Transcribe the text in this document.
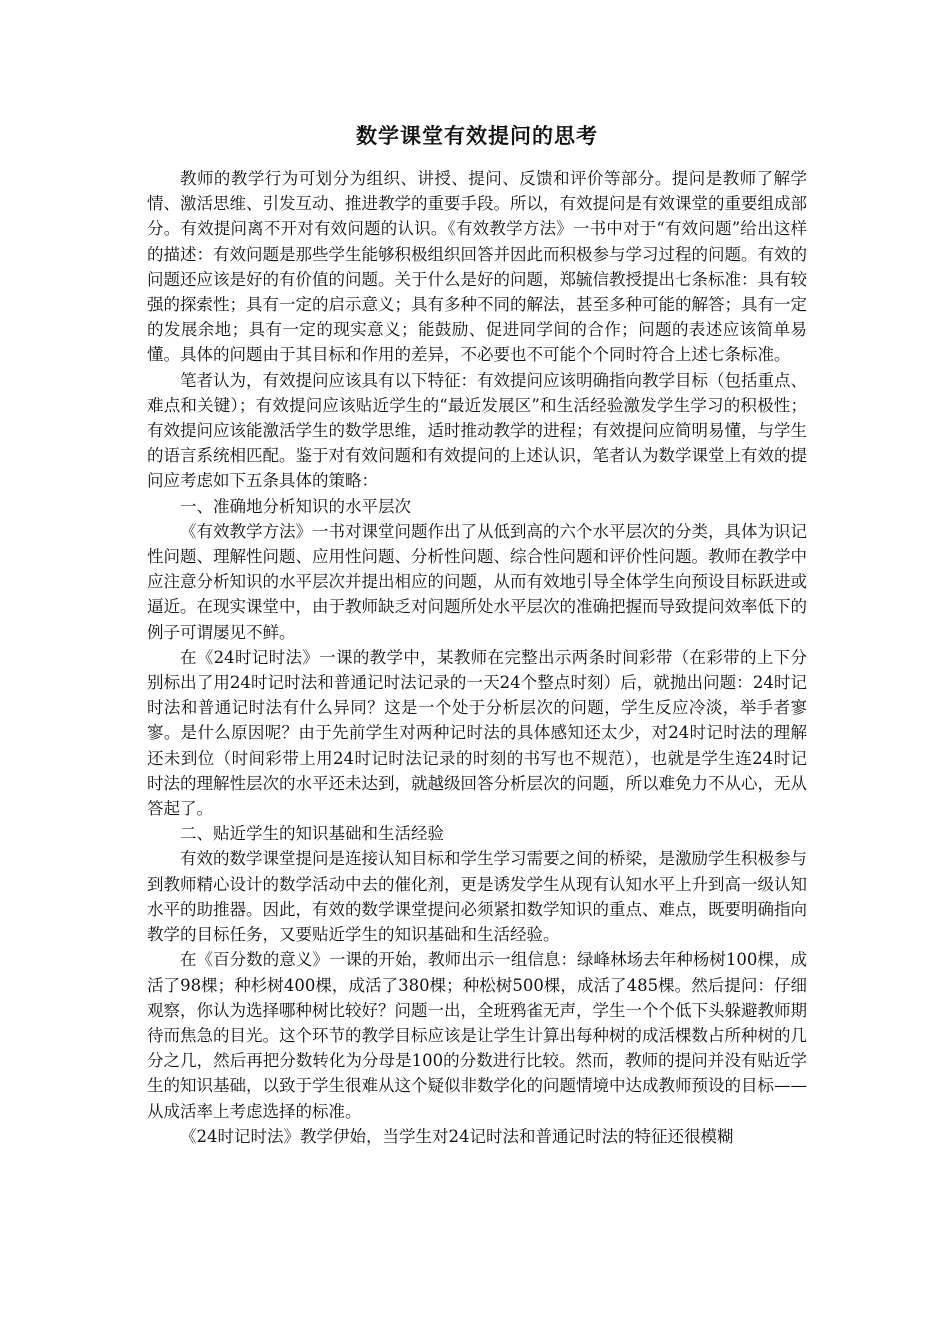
数学课堂有效提问的思考

教师的教学行为可划分为组织、讲授、提问、反馈和评价等部分。提问是教师了解学情、激活思维、引发互动、推进教学的重要手段。所以，有效提问是有效课堂的重要组成部分。有效提问离不开对有效问题的认识。《有效教学方法》一书中对于“有效问题”给出这样的描述：有效问题是那些学生能够积极组织回答并因此而积极参与学习过程的问题。有效的问题还应该是好的有价值的问题。关于什么是好的问题，郑毓信教授提出七条标准：具有较强的探索性；具有一定的启示意义；具有多种不同的解法，甚至多种可能的解答；具有一定的发展余地；具有一定的现实意义；能鼓励、促进同学间的合作；问题的表述应该简单易懂。具体的问题由于其目标和作用的差异，不必要也不可能个个同时符合上述七条标准。

笔者认为，有效提问应该具有以下特征：有效提问应该明确指向教学目标（包括重点、难点和关键）；有效提问应该贴近学生的“最近发展区”和生活经验激发学生学习的积极性；有效提问应该能激活学生的数学思维，适时推动教学的进程；有效提问应简明易懂，与学生的语言系统相匹配。鉴于对有效问题和有效提问的上述认识，笔者认为数学课堂上有效的提问应考虑如下五条具体的策略：

一、准确地分析知识的水平层次

《有效教学方法》一书对课堂问题作出了从低到高的六个水平层次的分类，具体为识记性问题、理解性问题、应用性问题、分析性问题、综合性问题和评价性问题。教师在教学中应注意分析知识的水平层次并提出相应的问题，从而有效地引导全体学生向预设目标跃进或逼近。在现实课堂中，由于教师缺乏对问题所处水平层次的准确把握而导致提问效率低下的例子可谓屡见不鲜。

在《24时记时法》一课的教学中，某教师在完整出示两条时间彩带（在彩带的上下分别标出了用24时记时法和普通记时法记录的一天24个整点时刻）后，就抛出问题：24时记时法和普通记时法有什么异同？这是一个处于分析层次的问题，学生反应冷淡，举手者寥寥。是什么原因呢？由于先前学生对两种记时法的具体感知还太少，对24时记时法的理解还未到位（时间彩带上用24时记时法记录的时刻的书写也不规范），也就是学生连24时记时法的理解性层次的水平还未达到，就越级回答分析层次的问题，所以难免力不从心，无从答起了。

二、贴近学生的知识基础和生活经验

有效的数学课堂提问是连接认知目标和学生学习需要之间的桥梁，是激励学生积极参与到教师精心设计的数学活动中去的催化剂，更是诱发学生从现有认知水平上升到高一级认知水平的助推器。因此，有效的数学课堂提问必须紧扣数学知识的重点、难点，既要明确指向教学的目标任务，又要贴近学生的知识基础和生活经验。

在《百分数的意义》一课的开始，教师出示一组信息：绿峰林场去年种杨树100棵，成活了98棵；种杉树400棵，成活了380棵；种松树500棵，成活了485棵。然后提问：仔细观察，你认为选择哪种树比较好？问题一出，全班鸦雀无声，学生一个个低下头躲避教师期待而焦急的目光。这个环节的教学目标应该是让学生计算出每种树的成活棵数占所种树的几分之几，然后再把分数转化为分母是100的分数进行比较。然而，教师的提问并没有贴近学生的知识基础，以致于学生很难从这个疑似非数学化的问题情境中达成教师预设的目标——从成活率上考虑选择的标准。

《24时记时法》教学伊始，当学生对24记时法和普通记时法的特征还很模糊
